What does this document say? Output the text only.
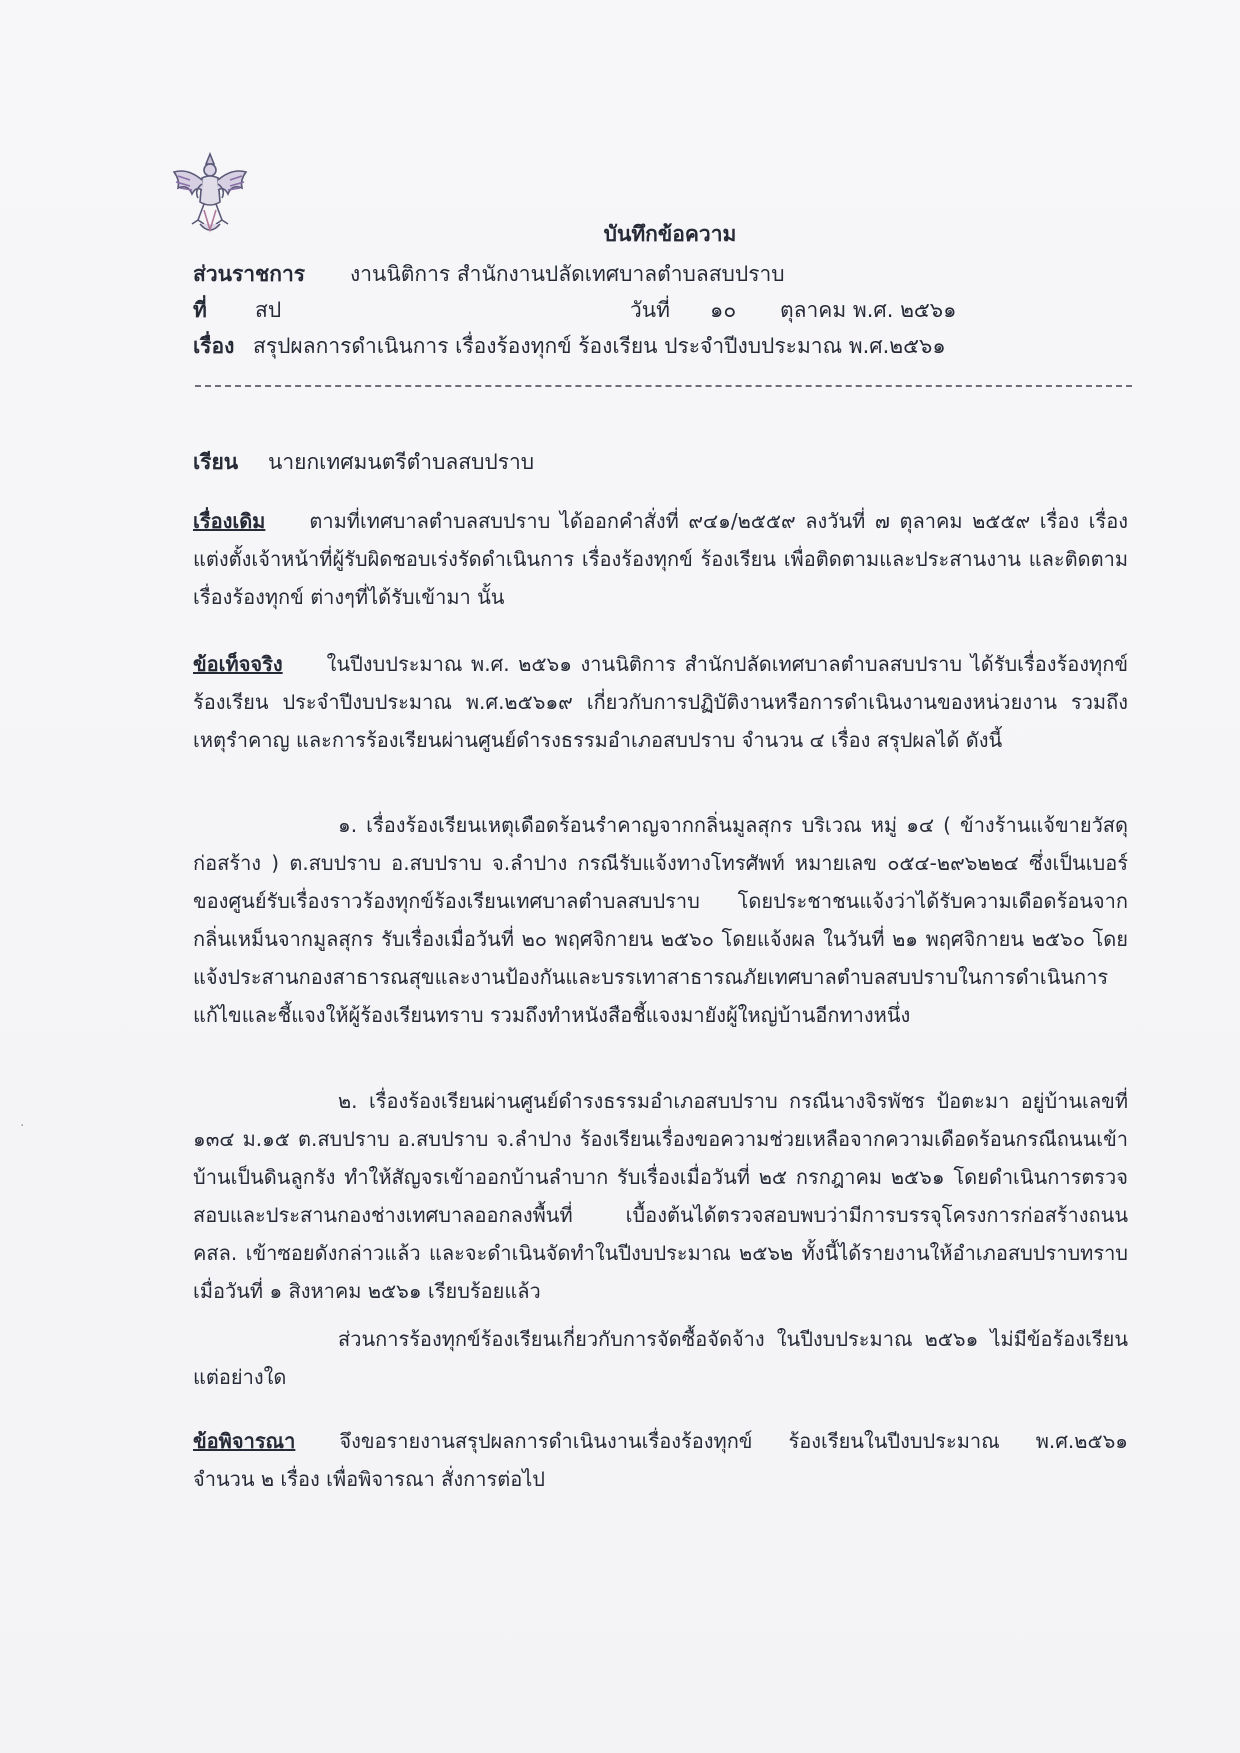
บันทึกข้อความ
ส่วนราชการ งานนิติการ สำนักงานปลัดเทศบาลตำบลสบปราบ
ที่ สป	วันที่ ๑๐ ตุลาคม พ.ศ. ๒๕๖๑
เรื่อง สรุปผลการดำเนินการ เรื่องร้องทุกข์ ร้องเรียน ประจำปีงบประมาณ พ.ศ.๒๕๖๑
เรียน นายกเทศมนตรีตำบลสบปราบ
เรื่องเดิม ตามที่เทศบาลตำบลสบปราบ ได้ออกคำสั่งที่ ๙๔๑/๒๕๕๙ ลงวันที่ ๗ ตุลาคม ๒๕๕๙ เรื่อง เรื่องแต่งตั้งเจ้าหน้าที่ผู้รับผิดชอบเร่งรัดดำเนินการ เรื่องร้องทุกข์ ร้องเรียน เพื่อติดตามและประสานงาน และติดตามเรื่องร้องทุกข์ ต่างๆที่ได้รับเข้ามา นั้น
ข้อเท็จจริง ในปีงบประมาณ พ.ศ. ๒๕๖๑ งานนิติการ สำนักปลัดเทศบาลตำบลสบปราบ ได้รับเรื่องร้องทุกข์ ร้องเรียน ประจำปีงบประมาณ พ.ศ.๒๕๖๑๙ เกี่ยวกับการปฏิบัติงานหรือการดำเนินงานของหน่วยงาน รวมถึงเหตุรำคาญ และการร้องเรียนผ่านศูนย์ดำรงธรรมอำเภอสบปราบ จำนวน ๔ เรื่อง สรุปผลได้ ดังนี้
๑. เรื่องร้องเรียนเหตุเดือดร้อนรำคาญจากกลิ่นมูลสุกร บริเวณ หมู่ ๑๔ ( ข้างร้านแจ้ขายวัสดุก่อสร้าง ) ต.สบปราบ อ.สบปราบ จ.ลำปาง กรณีรับแจ้งทางโทรศัพท์ หมายเลข ๐๕๔-๒๙๖๒๒๔ ซึ่งเป็นเบอร์ของศูนย์รับเรื่องราวร้องทุกข์ร้องเรียนเทศบาลตำบลสบปราบ โดยประชาชนแจ้งว่าได้รับความเดือดร้อนจากกลิ่นเหม็นจากมูลสุกร รับเรื่องเมื่อวันที่ ๒๐ พฤศจิกายน ๒๕๖๐ โดยแจ้งผล ในวันที่ ๒๑ พฤศจิกายน ๒๕๖๐ โดยแจ้งประสานกองสาธารณสุขและงานป้องกันและบรรเทาสาธารณภัยเทศบาลตำบลสบปราบในการดำเนินการแก้ไขและชี้แจงให้ผู้ร้องเรียนทราบ รวมถึงทำหนังสือชี้แจงมายังผู้ใหญ่บ้านอีกทางหนึ่ง
๒. เรื่องร้องเรียนผ่านศูนย์ดำรงธรรมอำเภอสบปราบ กรณีนางจิรพัชร ป้อตะมา อยู่บ้านเลขที่ ๑๓๔ ม.๑๕ ต.สบปราบ อ.สบปราบ จ.ลำปาง ร้องเรียนเรื่องขอความช่วยเหลือจากความเดือดร้อนกรณีถนนเข้าบ้านเป็นดินลูกรัง ทำให้สัญจรเข้าออกบ้านลำบาก รับเรื่องเมื่อวันที่ ๒๕ กรกฎาคม ๒๕๖๑ โดยดำเนินการตรวจสอบและประสานกองช่างเทศบาลออกลงพื้นที่ เบื้องต้นได้ตรวจสอบพบว่ามีการบรรจุโครงการก่อสร้างถนน คสล. เข้าซอยดังกล่าวแล้ว และจะดำเนินจัดทำในปีงบประมาณ ๒๕๖๒ ทั้งนี้ได้รายงานให้อำเภอสบปราบทราบเมื่อวันที่ ๑ สิงหาคม ๒๕๖๑ เรียบร้อยแล้ว
ส่วนการร้องทุกข์ร้องเรียนเกี่ยวกับการจัดซื้อจัดจ้าง ในปีงบประมาณ ๒๕๖๑ ไม่มีข้อร้องเรียนแต่อย่างใด
ข้อพิจารณา จึงขอรายงานสรุปผลการดำเนินงานเรื่องร้องทุกข์ ร้องเรียนในปีงบประมาณ พ.ศ.๒๕๖๑ จำนวน ๒ เรื่อง เพื่อพิจารณา สั่งการต่อไป
·
